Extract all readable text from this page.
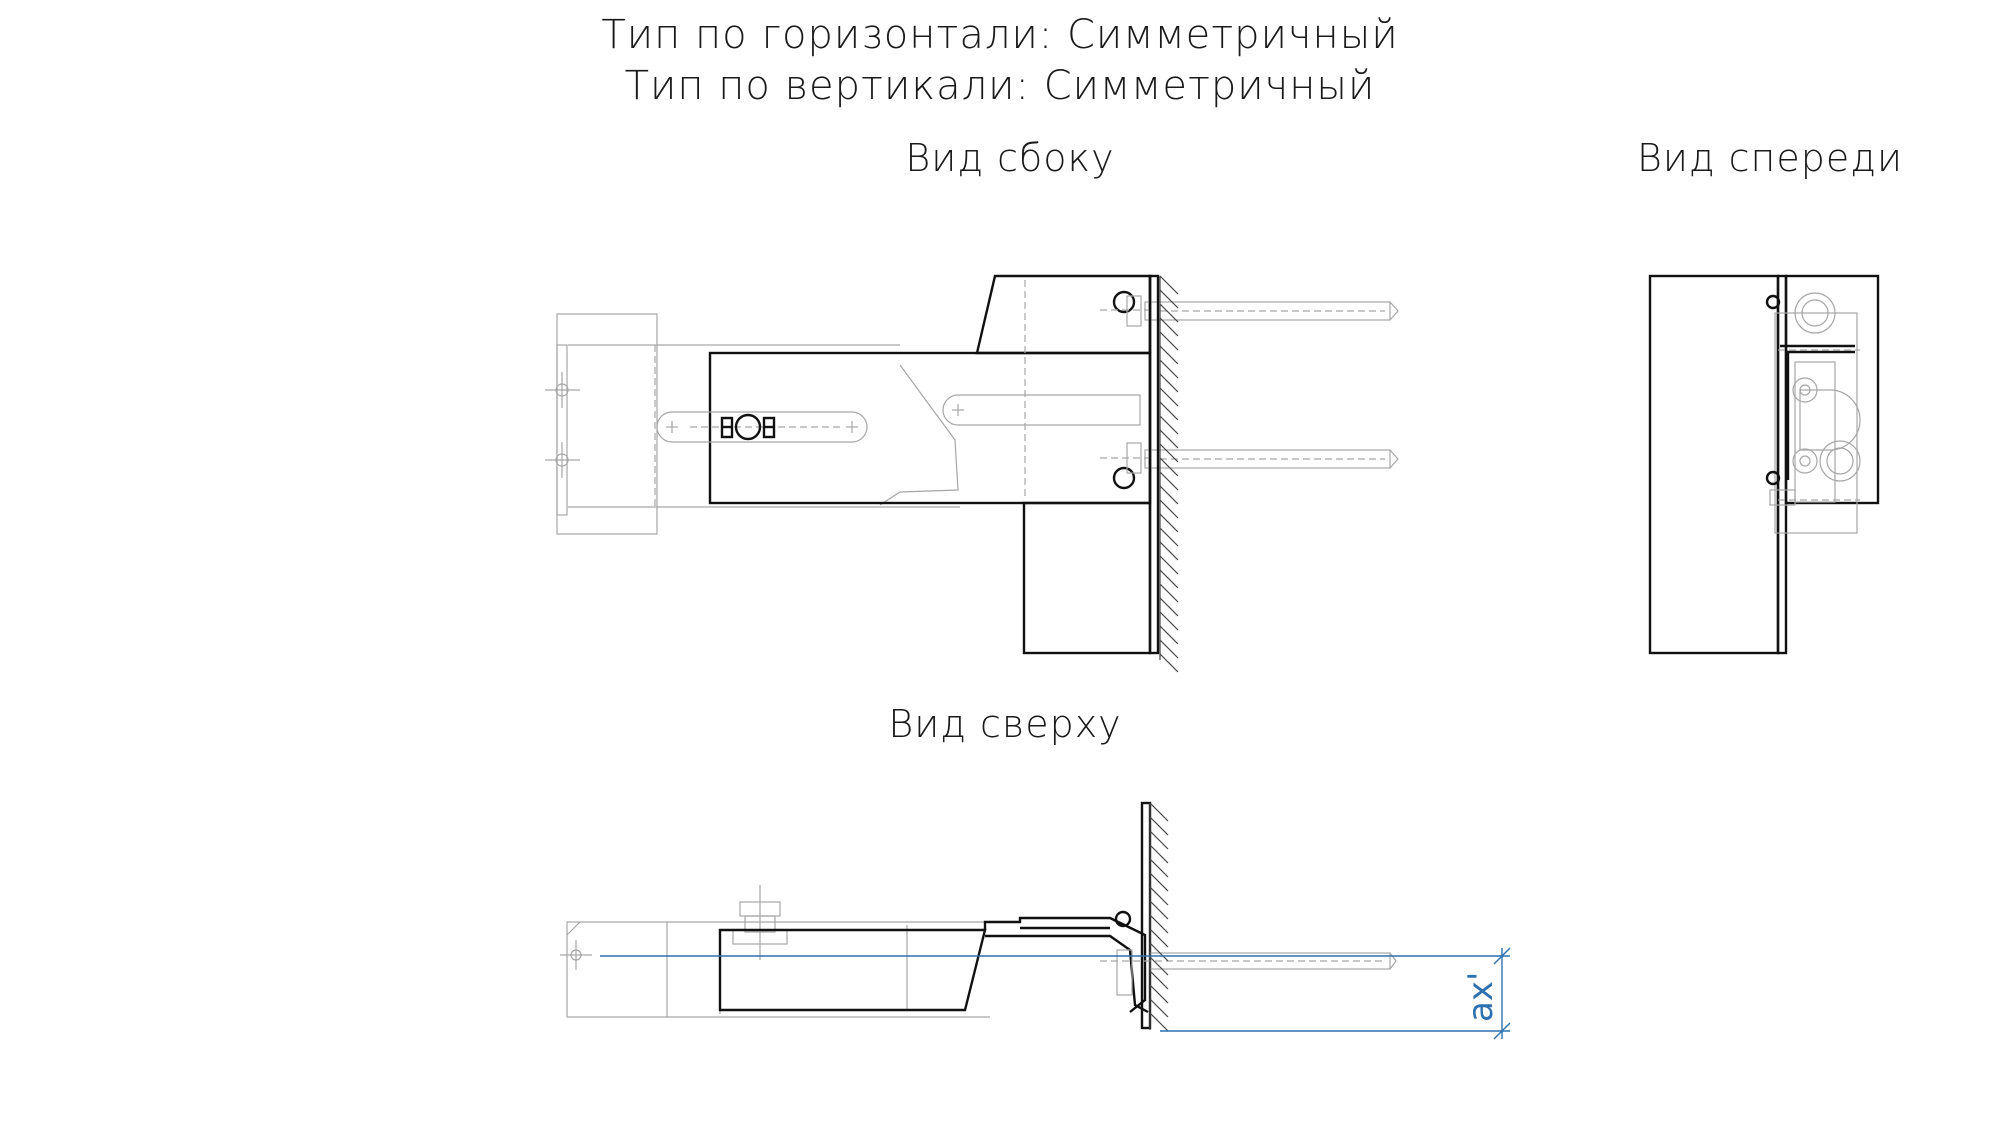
Тип по горизонтали: Симметричный
Тип по вертикали: Симметричный
Вид сбоку	Вид спереди
Вид сверху
ax'
